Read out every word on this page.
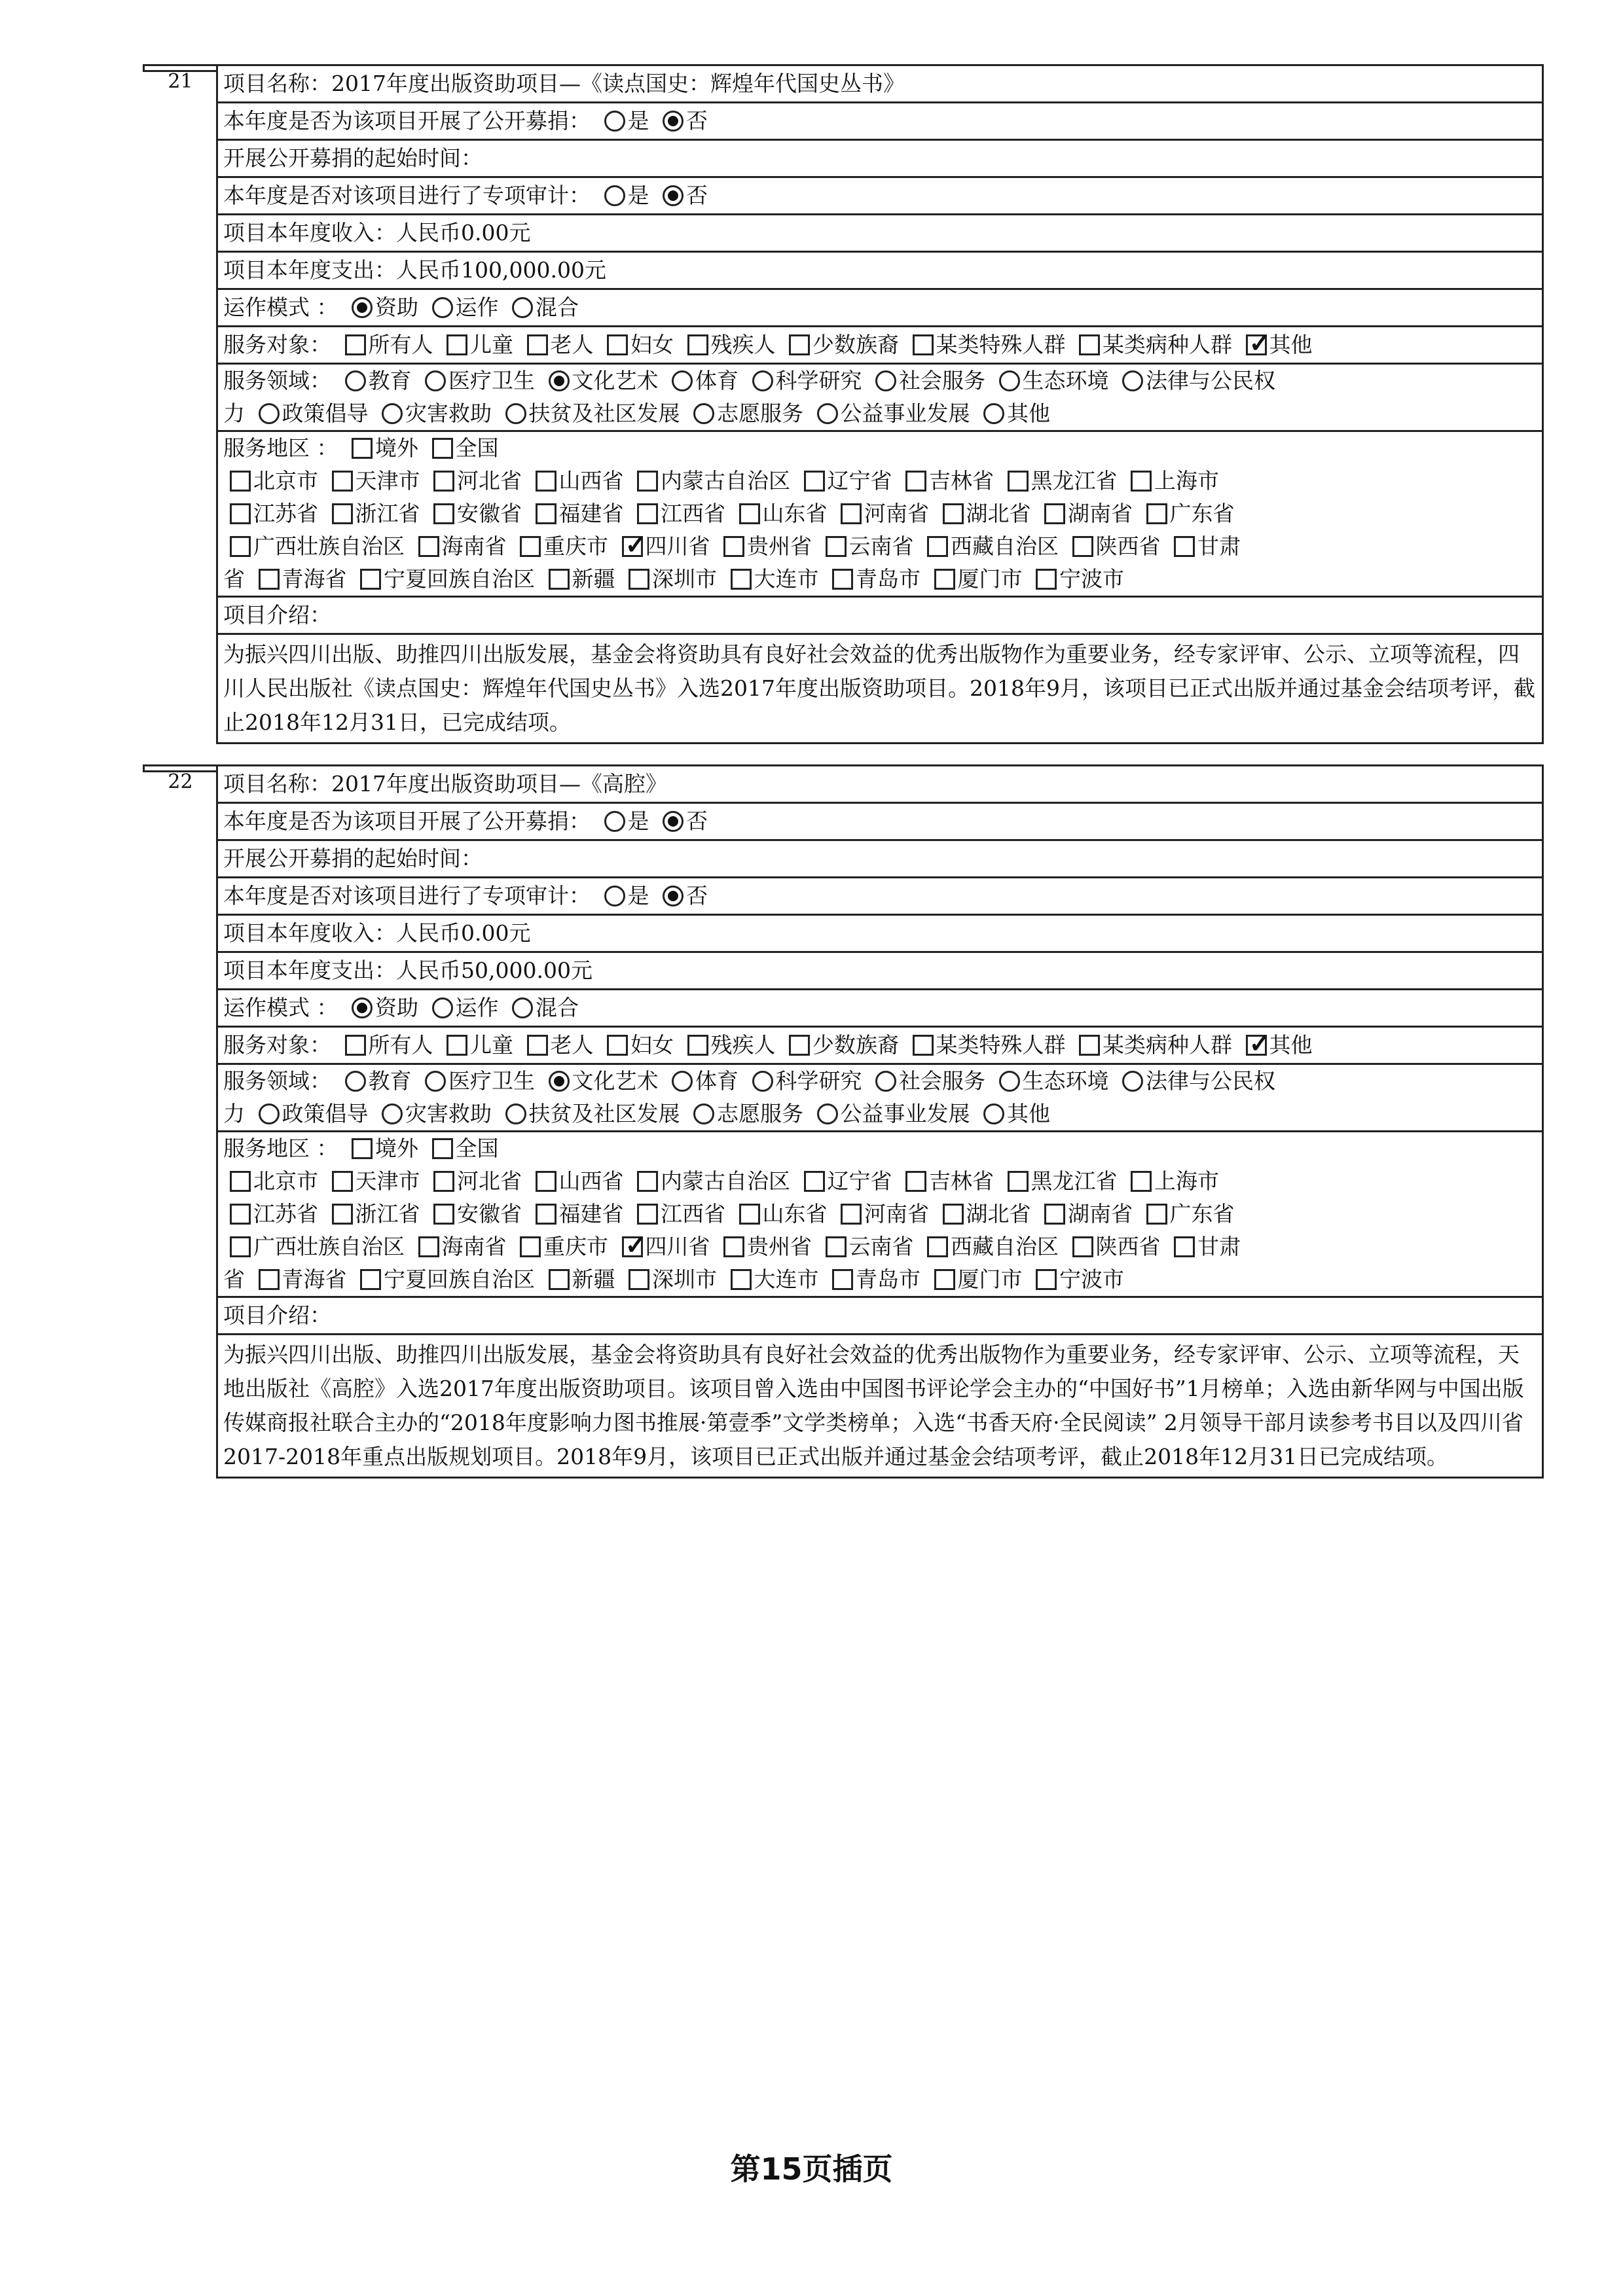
21	项目名称：2017年度出版资助项目—《读点国史：辉煌年代国史丛书》
本年度是否为该项目开展了公开募捐： 是 否
开展公开募捐的起始时间：
本年度是否对该项目进行了专项审计： 是 否
项目本年度收入：人民币0.00元
项目本年度支出：人民币100,000.00元
运作模式 ： 资助 运作 混合
服务对象： 所有人 儿童 老人 妇女 残疾人 少数族裔 某类特殊人群 某类病种人群 ✓ 其他
服务领域： 教育 医疗卫生 文化艺术 体育 科学研究 社会服务 生态环境 法律与公民权
力 政策倡导 灾害救助 扶贫及社区发展 志愿服务 公益事业发展 其他
服务地区 ： 境外 全国
北京市 天津市 河北省 山西省 内蒙古自治区 辽宁省 吉林省 黑龙江省 上海市
江苏省 浙江省 安徽省 福建省 江西省 山东省 河南省 湖北省 湖南省 广东省
广西壮族自治区 海南省 重庆市 ✓ 四川省 贵州省 云南省 西藏自治区 陕西省 甘肃
省 青海省 宁夏回族自治区 新疆 深圳市 大连市 青岛市 厦门市 宁波市
项目介绍：
为振兴四川出版、助推四川出版发展，基金会将资助具有良好社会效益的优秀出版物作为重要业务，经专家评审、公示、立项等流程，四川人民出版社《读点国史：辉煌年代国史丛书》入选2017年度出版资助项目。2018年9月，该项目已正式出版并通过基金会结项考评，截止2018年12月31日，已完成结项。
22	项目名称：2017年度出版资助项目—《高腔》
本年度是否为该项目开展了公开募捐： 是 否
开展公开募捐的起始时间：
本年度是否对该项目进行了专项审计： 是 否
项目本年度收入：人民币0.00元
项目本年度支出：人民币50,000.00元
运作模式 ： 资助 运作 混合
服务对象： 所有人 儿童 老人 妇女 残疾人 少数族裔 某类特殊人群 某类病种人群 ✓ 其他
服务领域： 教育 医疗卫生 文化艺术 体育 科学研究 社会服务 生态环境 法律与公民权
力 政策倡导 灾害救助 扶贫及社区发展 志愿服务 公益事业发展 其他
服务地区 ： 境外 全国
北京市 天津市 河北省 山西省 内蒙古自治区 辽宁省 吉林省 黑龙江省 上海市
江苏省 浙江省 安徽省 福建省 江西省 山东省 河南省 湖北省 湖南省 广东省
广西壮族自治区 海南省 重庆市 ✓ 四川省 贵州省 云南省 西藏自治区 陕西省 甘肃
省 青海省 宁夏回族自治区 新疆 深圳市 大连市 青岛市 厦门市 宁波市
项目介绍：
为振兴四川出版、助推四川出版发展，基金会将资助具有良好社会效益的优秀出版物作为重要业务，经专家评审、公示、立项等流程，天地出版社《高腔》入选2017年度出版资助项目。该项目曾入选由中国图书评论学会主办的“中国好书”1月榜单；入选由新华网与中国出版传媒商报社联合主办的“2018年度影响力图书推展·第壹季”文学类榜单；入选“书香天府·全民阅读” 2月领导干部月读参考书目以及四川省2017-2018年重点出版规划项目。2018年9月，该项目已正式出版并通过基金会结项考评，截止2018年12月31日已完成结项。
第15页插页
